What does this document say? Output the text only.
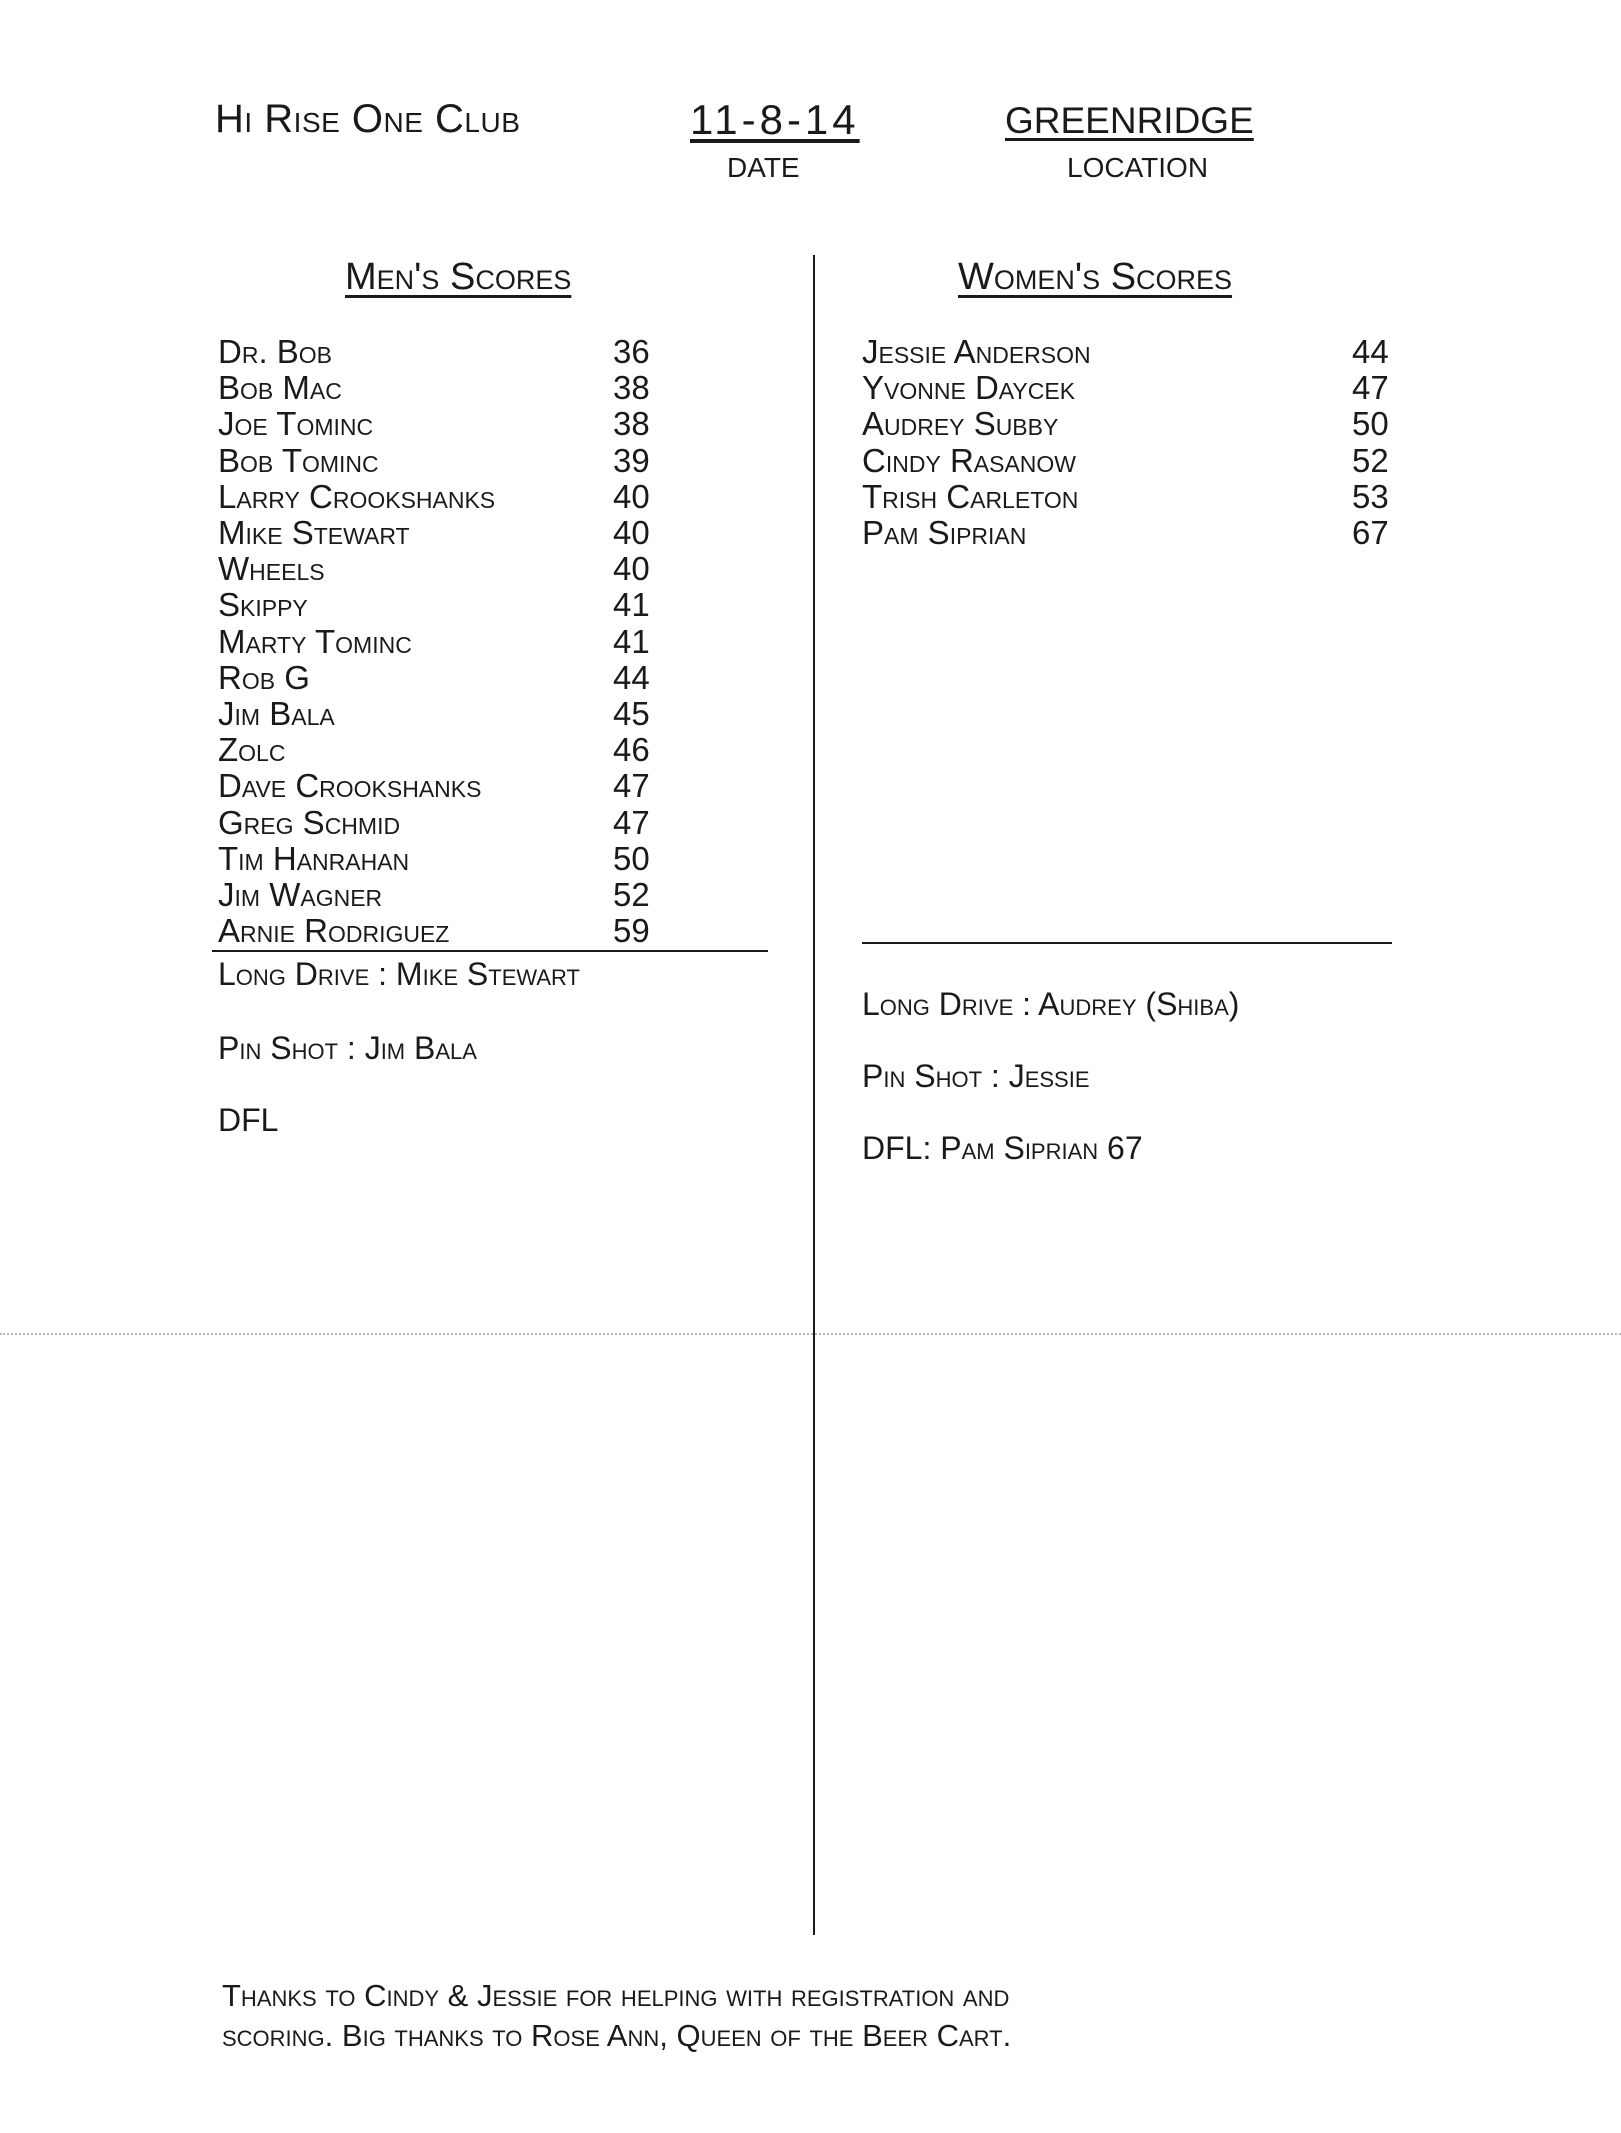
Hi Rise One Club	11-8-14
DATE
GREENRIDGE
LOCATION
Men's Scores	Women's Scores
Dr. Bob	36
Bob Mac	38
Joe Tominc	38
Bob Tominc	39
Larry Crookshanks	40
Mike Stewart	40
Wheels	40
Skippy	41
Marty Tominc	41
Rob G	44
Jim Bala	45
Zolc	46
Dave Crookshanks	47
Greg Schmid	47
Tim Hanrahan	50
Jim Wagner	52
Arnie Rodriguez	59
Long Drive : Mike Stewart
Pin Shot : Jim Bala
DFL
Jessie Anderson	44
Yvonne Daycek	47
Audrey Subby	50
Cindy Rasanow	52
Trish Carleton	53
Pam Siprian	67
Long Drive : Audrey (Shiba)
Pin Shot : Jessie
DFL: Pam Siprian 67
Thanks to Cindy & Jessie for helping with registration and
scoring. Big thanks to Rose Ann, Queen of the Beer Cart.
